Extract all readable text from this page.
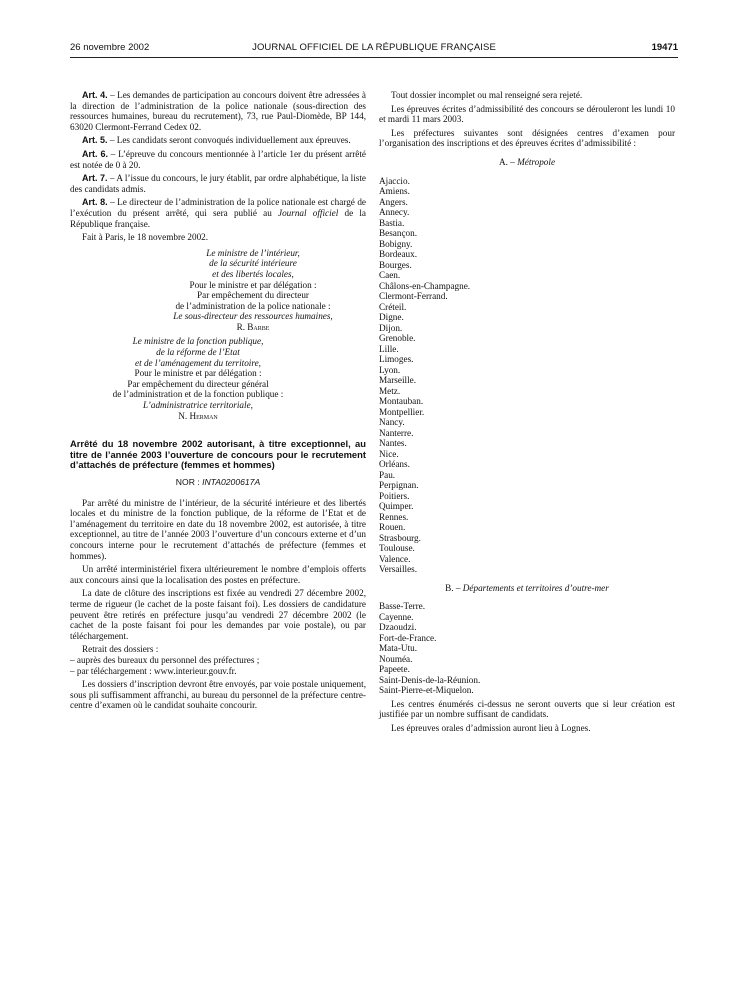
26 novembre 2002	JOURNAL OFFICIEL DE LA RÉPUBLIQUE FRANÇAISE	19471

Art. 4. – Les demandes de participation au concours doivent être adressées à la direction de l’administration de la police nationale (sous-direction des ressources humaines, bureau du recrutement), 73, rue Paul-Diomède, BP 144, 63020 Clermont-Ferrand Cedex 02.

Art. 5. – Les candidats seront convoqués individuellement aux épreuves.

Art. 6. – L’épreuve du concours mentionnée à l’article 1er du présent arrêté est notée de 0 à 20.

Art. 7. – A l’issue du concours, le jury établit, par ordre alphabétique, la liste des candidats admis.

Art. 8. – Le directeur de l’administration de la police nationale est chargé de l’exécution du présent arrêté, qui sera publié au Journal officiel de la République française.

Fait à Paris, le 18 novembre 2002.

Le ministre de l’intérieur,
de la sécurité intérieure
et des libertés locales,
Pour le ministre et par délégation :
Par empêchement du directeur
de l’administration de la police nationale :
Le sous-directeur des ressources humaines,
R. Barbe
Le ministre de la fonction publique,
de la réforme de l’Etat
et de l’aménagement du territoire,
Pour le ministre et par délégation :
Par empêchement du directeur général
de l’administration et de la fonction publique :
L’administratrice territoriale,
N. Herman

Arrêté du 18 novembre 2002 autorisant, à titre exceptionnel, au titre de l’année 2003 l’ouverture de concours pour le recrutement d’attachés de préfecture (femmes et hommes)

NOR : INTA0200617A

Par arrêté du ministre de l’intérieur, de la sécurité intérieure et des libertés locales et du ministre de la fonction publique, de la réforme de l’Etat et de l’aménagement du territoire en date du 18 novembre 2002, est autorisée, à titre exceptionnel, au titre de l’année 2003 l’ouverture d’un concours externe et d’un concours interne pour le recrutement d’attachés de préfecture (femmes et hommes).

Un arrêté interministériel fixera ultérieurement le nombre d’emplois offerts aux concours ainsi que la localisation des postes en préfecture.

La date de clôture des inscriptions est fixée au vendredi 27 décembre 2002, terme de rigueur (le cachet de la poste faisant foi). Les dossiers de candidature peuvent être retirés en préfecture jusqu’au vendredi 27 décembre 2002 (le cachet de la poste faisant foi pour les demandes par voie postale), ou par téléchargement.

Retrait des dossiers :

– auprès des bureaux du personnel des préfectures ;

– par téléchargement : www.interieur.gouv.fr.

Les dossiers d’inscription devront être envoyés, par voie postale uniquement, sous pli suffisamment affranchi, au bureau du personnel de la préfecture centre-centre d’examen où le candidat souhaite concourir.

Tout dossier incomplet ou mal renseigné sera rejeté.

Les épreuves écrites d’admissibilité des concours se dérouleront les lundi 10 et mardi 11 mars 2003.

Les préfectures suivantes sont désignées centres d’examen pour l’organisation des inscriptions et des épreuves écrites d’admissibilité :

A. – Métropole

Ajaccio.
Amiens.
Angers.
Annecy.
Bastia.
Besançon.
Bobigny.
Bordeaux.
Bourges.
Caen.
Châlons-en-Champagne.
Clermont-Ferrand.
Créteil.
Digne.
Dijon.
Grenoble.
Lille.
Limoges.
Lyon.
Marseille.
Metz.
Montauban.
Montpellier.
Nancy.
Nanterre.
Nantes.
Nice.
Orléans.
Pau.
Perpignan.
Poitiers.
Quimper.
Rennes.
Rouen.
Strasbourg.
Toulouse.
Valence.
Versailles.

B. – Départements et territoires d’outre-mer

Basse-Terre.
Cayenne.
Dzaoudzi.
Fort-de-France.
Mata-Utu.
Nouméa.
Papeete.
Saint-Denis-de-la-Réunion.
Saint-Pierre-et-Miquelon.

Les centres énumérés ci-dessus ne seront ouverts que si leur création est justifiée par un nombre suffisant de candidats.

Les épreuves orales d’admission auront lieu à Lognes.
